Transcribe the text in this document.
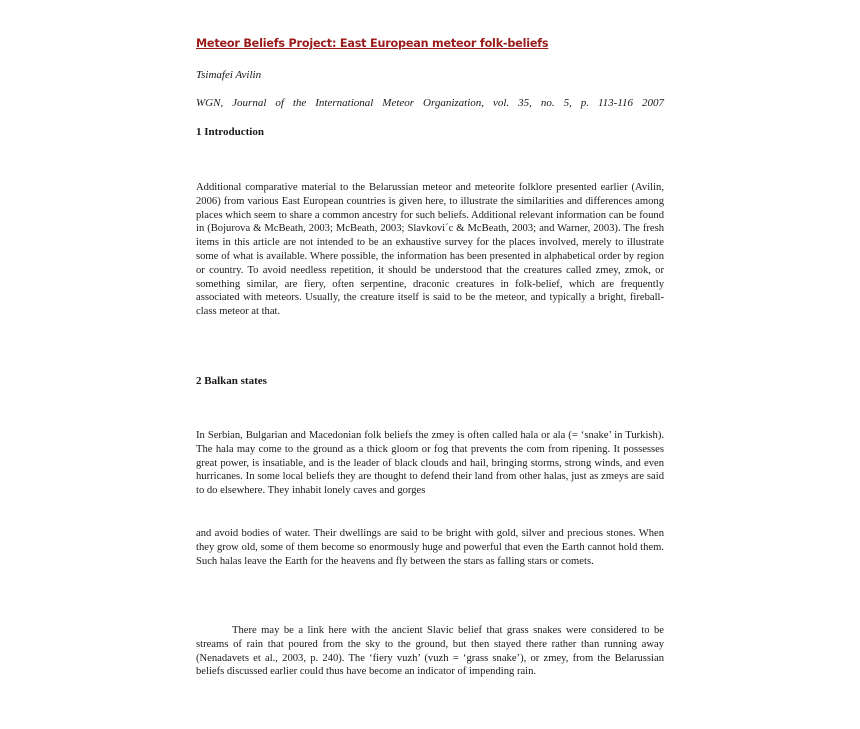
Meteor Beliefs Project: East European meteor folk-beliefs
Tsimafei Avilin
WGN, Journal of the International Meteor Organization, vol. 35, no. 5, p. 113-116 2007
1 Introduction

Additional comparative material to the Belarussian meteor and meteorite folklore presented earlier (Avilin, 2006) from various East European countries is given here, to illustrate the similarities and differences among places which seem to share a common ancestry for such beliefs. Additional relevant information can be found in (Bojurova & McBeath, 2003; McBeath, 2003; Slavkovi´c & McBeath, 2003; and Warner, 2003). The fresh items in this article are not intended to be an exhaustive survey for the places involved, merely to illustrate some of what is available. Where possible, the information has been presented in alphabetical order by region or country. To avoid needless repetition, it should be understood that the creatures called zmey, zmok, or something similar, are fiery, often serpentine, draconic creatures in folk-belief, which are frequently associated with meteors. Usually, the creature itself is said to be the meteor, and typically a bright, fireball-class meteor at that.

2 Balkan states

In Serbian, Bulgarian and Macedonian folk beliefs the zmey is often called hala or ala (= ‘snake’ in Turkish). The hala may come to the ground as a thick gloom or fog that prevents the com from ripening. It possesses great power, is insatiable, and is the leader of black clouds and hail, bringing storms, strong winds, and even hurricanes. In some local beliefs they are thought to defend their land from other halas, just as zmeys are said to do elsewhere. They inhabit lonely caves and gorges

and avoid bodies of water. Their dwellings are said to be bright with gold, silver and precious stones. When they grow old, some of them become so enormously huge and powerful that even the Earth cannot hold them. Such halas leave the Earth for the heavens and fly between the stars as falling stars or comets.

There may be a link here with the ancient Slavic belief that grass snakes were considered to be streams of rain that poured from the sky to the ground, but then stayed there rather than running away (Nenadavets et al., 2003, p. 240). The ‘fiery vuzh’ (vuzh = ‘grass snake’), or zmey, from the Belarussian beliefs discussed earlier could thus have become an indicator of impending rain.
